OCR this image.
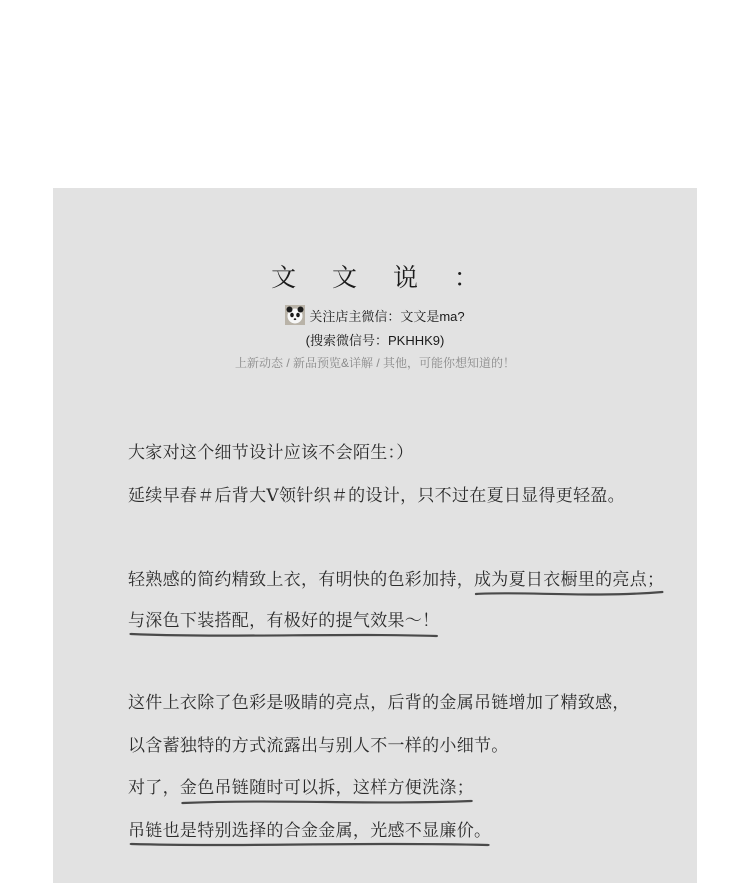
文 文 说 ：
关注店主微信：文文是ma?
(搜索微信号：PKHHK9)
上新动态 / 新品预览&详解 / 其他，可能你想知道的！
大家对这个细节设计应该不会陌生：）
延续早春＃后背大Ⅴ领针织＃的设计，只不过在夏日显得更轻盈。
轻熟感的简约精致上衣，有明快的色彩加持，成为夏日衣橱里的亮点；
与深色下装搭配，有极好的提气效果～！
这件上衣除了色彩是吸睛的亮点，后背的金属吊链增加了精致感，
以含蓄独特的方式流露出与别人不一样的小细节。
对了，金色吊链随时可以拆，这样方便洗涤；
吊链也是特别选择的合金金属，光感不显廉价。
